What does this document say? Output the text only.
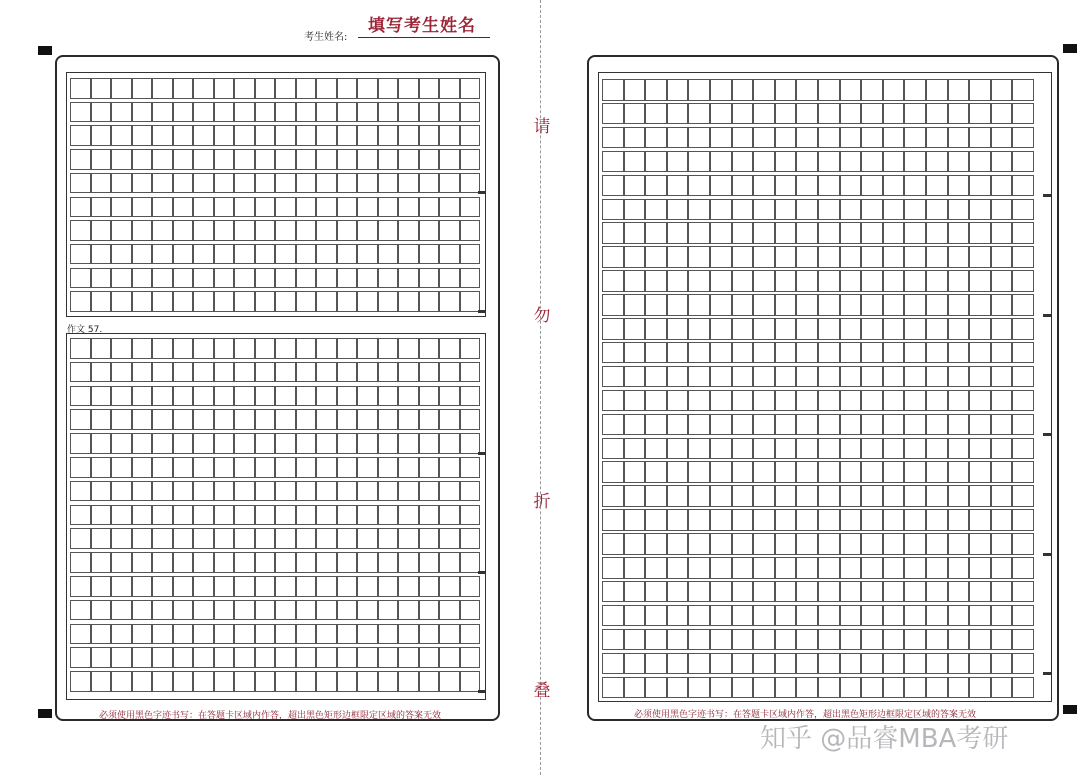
请
勿
折
叠
考生姓名:
填写考生姓名
作文 57.
必须使用黑色字迹书写：在答题卡区域内作答，超出黑色矩形边框限定区域的答案无效	必须使用黑色字迹书写：在答题卡区域内作答，超出黑色矩形边框限定区域的答案无效
知乎 @品睿MBA考研
